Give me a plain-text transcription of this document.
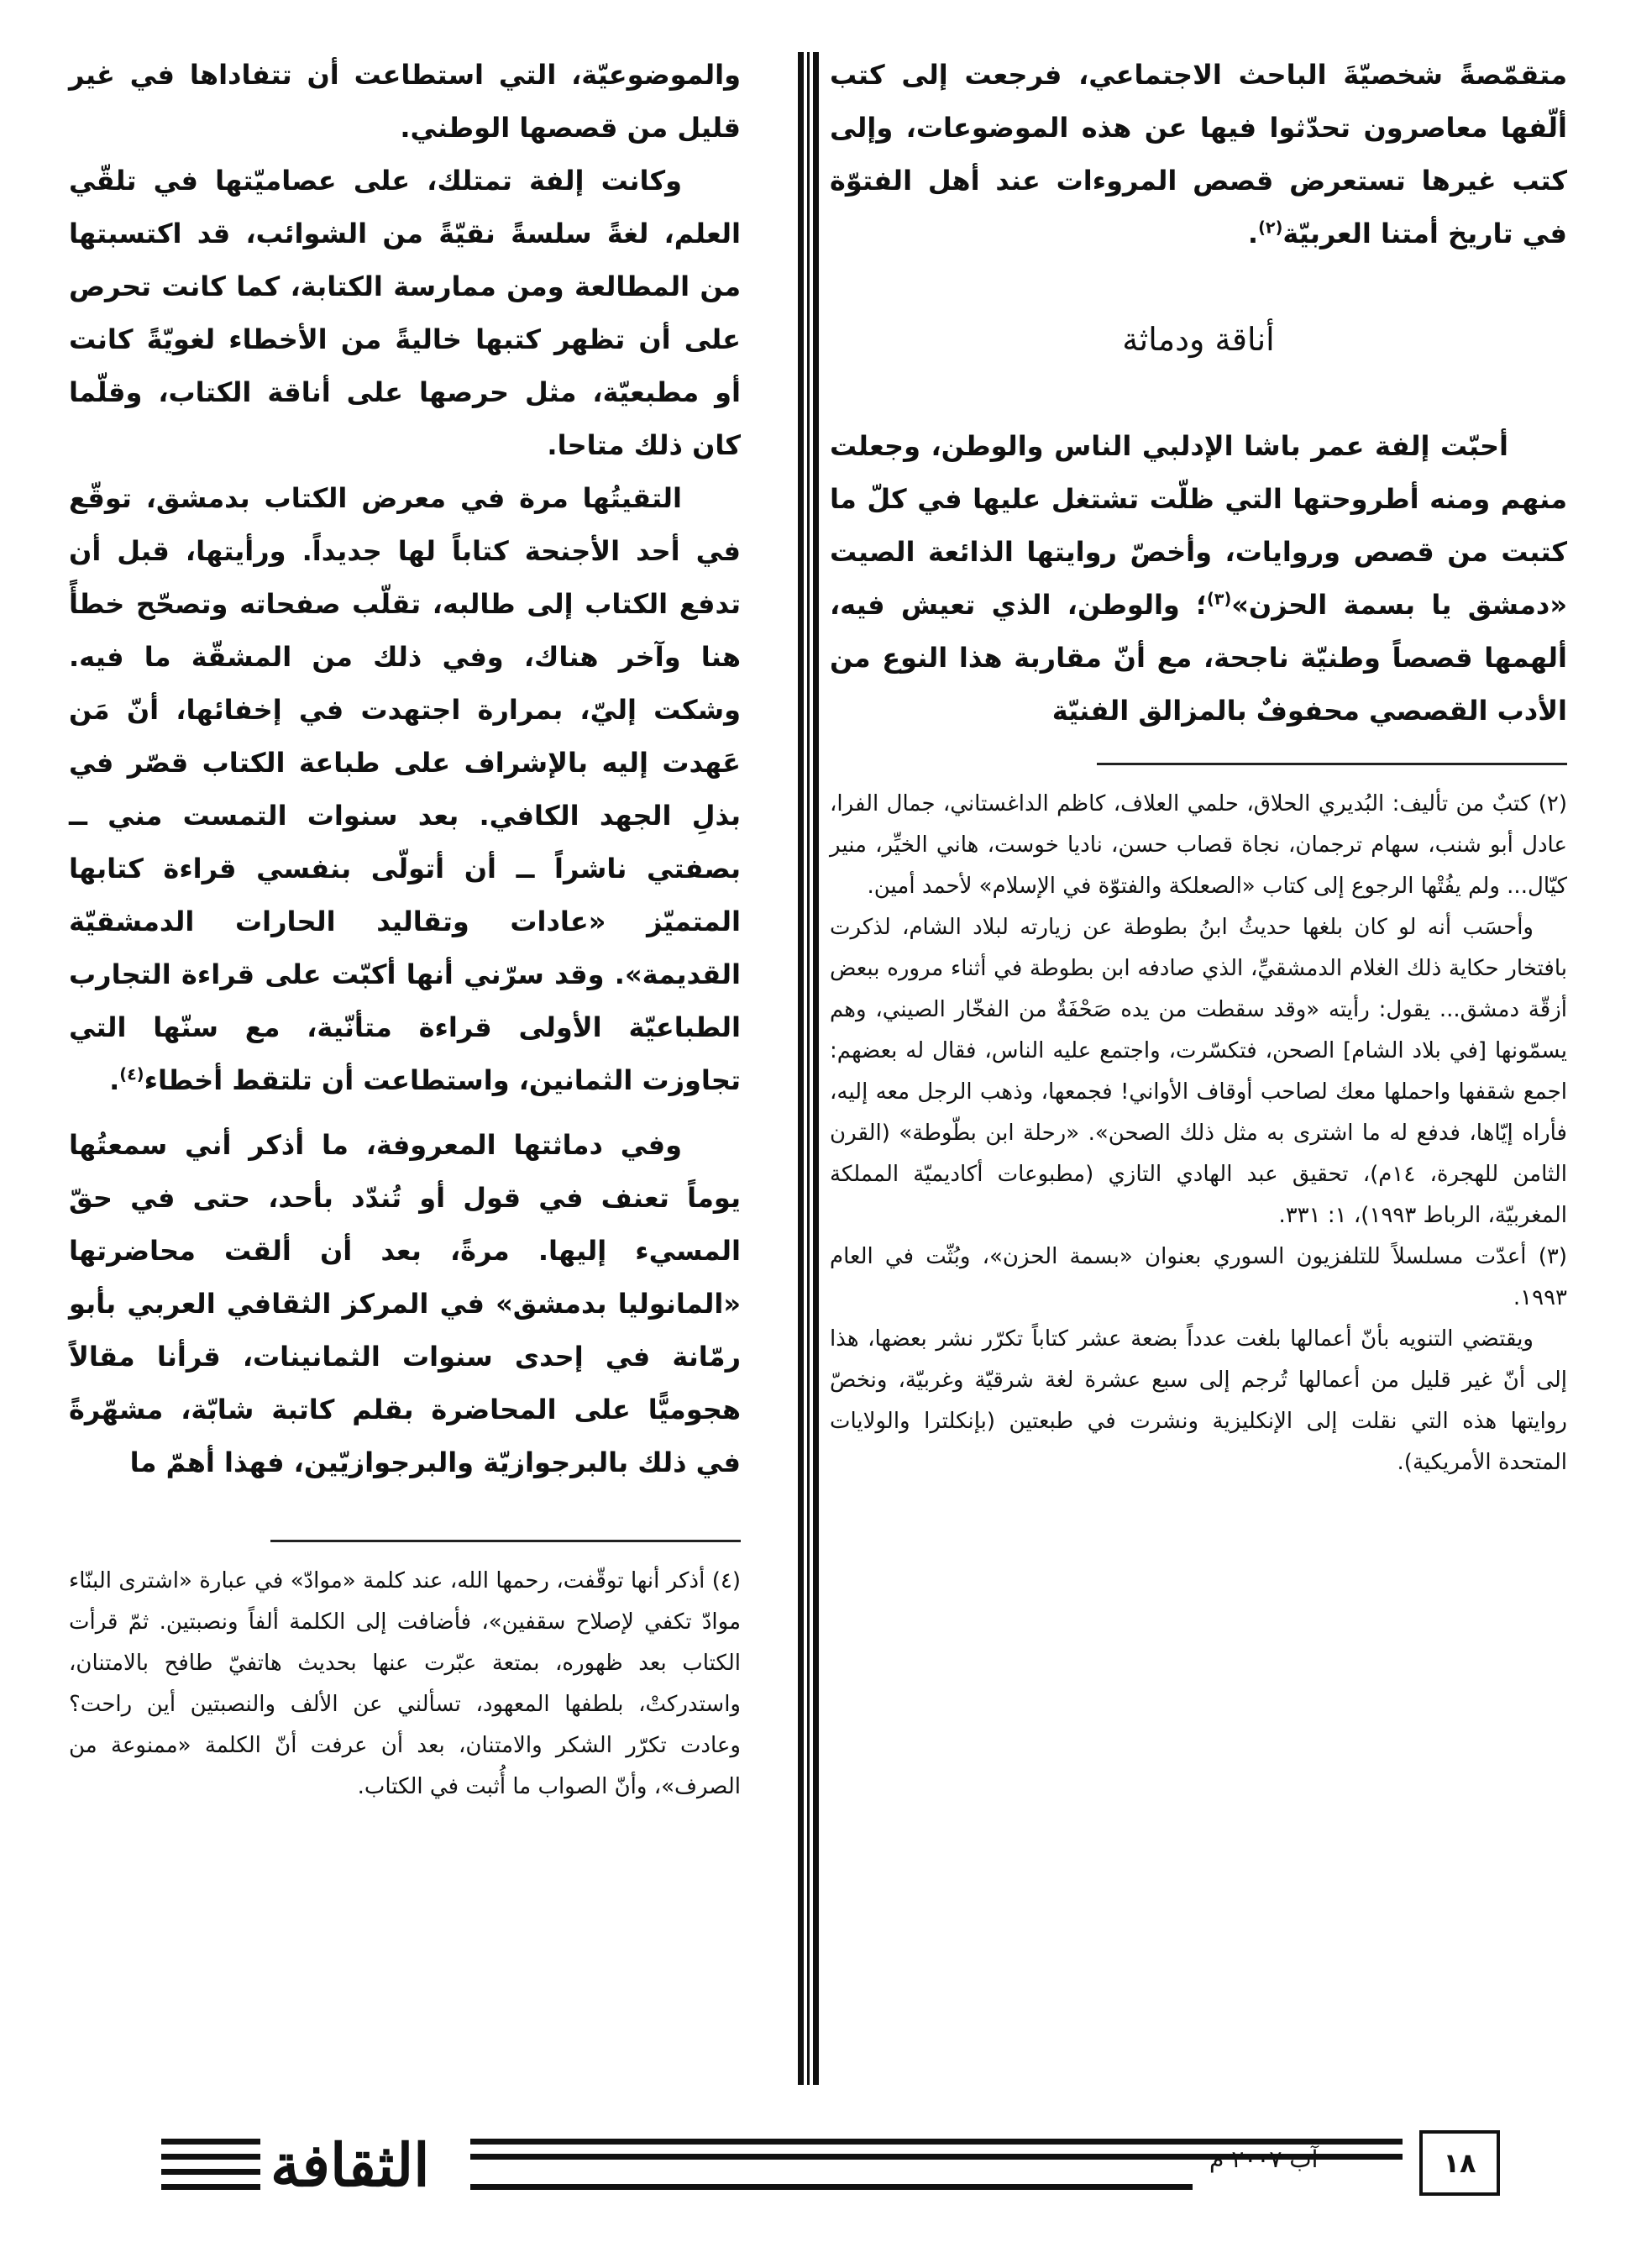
متقمّصةً شخصيّةَ الباحث الاجتماعي، فرجعت إلى كتب ألّفها معاصرون تحدّثوا فيها عن هذه الموضوعات، وإلى كتب غيرها تستعرض قصص المروءات عند أهل الفتوّة في تاريخ أمتنا العربيّة$^{(٢)}$.

أناقة ودماثة

أحبّت إلفة عمر باشا الإدلبي الناس والوطن، وجعلت منهم ومنه أطروحتها التي ظلّت تشتغل عليها في كلّ ما كتبت من قصص وروايات، وأخصّ روايتها الذائعة الصيت «دمشق يا بسمة الحزن»$^{(٣)}$؛ والوطن، الذي تعيش فيه، ألهمها قصصاً وطنيّة ناجحة، مع أنّ مقاربة هذا النوع من الأدب القصصي محفوفٌ بالمزالق الفنيّة

(٢) كتبٌ من تأليف: البُديري الحلاق، حلمي العلاف، كاظم الداغستاني، جمال الفرا، عادل أبو شنب، سهام ترجمان، نجاة قصاب حسن، ناديا خوست، هاني الخيِّر، منير كيّال... ولم يفُتْها الرجوع إلى كتاب «الصعلكة والفتوّة في الإسلام» لأحمد أمين.

وأحسَب أنه لو كان بلغها حديثُ ابنُ بطوطة عن زيارته لبلاد الشام، لذكرت بافتخار حكاية ذلك الغلام الدمشقيِّ، الذي صادفه ابن بطوطة في أثناء مروره ببعض أزقّة دمشق... يقول: رأيته «وقد سقطت من يده صَحْفَةٌ من الفخّار الصيني، وهم يسمّونها [في بلاد الشام] الصحن، فتكسّرت، واجتمع عليه الناس، فقال له بعضهم: اجمع شقفها واحملها معك لصاحب أوقاف الأواني! فجمعها، وذهب الرجل معه إليه، فأراه إيّاها، فدفع له ما اشترى به مثل ذلك الصحن». «رحلة ابن بطّوطة» (القرن الثامن للهجرة، ١٤م)، تحقيق عبد الهادي التازي (مطبوعات أكاديميّة المملكة المغربيّة، الرباط ١٩٩٣)، ١: ٣٣١.

(٣) أعدّت مسلسلاً للتلفزيون السوري بعنوان «بسمة الحزن»، وبُثّت في العام ١٩٩٣.

ويقتضي التنويه بأنّ أعمالها بلغت عدداً بضعة عشر كتاباً تكرّر نشر بعضها، هذا إلى أنّ غير قليل من أعمالها تُرجم إلى سبع عشرة لغة شرقيّة وغربيّة، ونخصّ روايتها هذه التي نقلت إلى الإنكليزية ونشرت في طبعتين (بإنكلترا والولايات المتحدة الأمريكية).

والموضوعيّة، التي استطاعت أن تتفاداها في غير قليل من قصصها الوطني.

وكانت إلفة تمتلك، على عصاميّتها في تلقّي العلم، لغةً سلسةً نقيّةً من الشوائب، قد اكتسبتها من المطالعة ومن ممارسة الكتابة، كما كانت تحرص على أن تظهر كتبها خاليةً من الأخطاء لغويّةً كانت أو مطبعيّة، مثل حرصها على أناقة الكتاب، وقلّما كان ذلك متاحا.

التقيتُها مرة في معرض الكتاب بدمشق، توقّع في أحد الأجنحة كتاباً لها جديداً. ورأيتها، قبل أن تدفع الكتاب إلى طالبه، تقلّب صفحاته وتصحّح خطأً هنا وآخر هناك، وفي ذلك من المشقّة ما فيه. وشكت إليّ، بمرارة اجتهدت في إخفائها، أنّ مَن عَهدت إليه بالإشراف على طباعة الكتاب قصّر في بذلِ الجهد الكافي. بعد سنوات التمست مني ــ بصفتي ناشراً ــ أن أتولّى بنفسي قراءة كتابها المتميّز «عادات وتقاليد الحارات الدمشقيّة القديمة». وقد سرّني أنها أكبّت على قراءة التجارب الطباعيّة الأولى قراءة متأنّية، مع سنّها التي تجاوزت الثمانين، واستطاعت أن تلتقط أخطاء$^{(٤)}$.

وفي دماثتها المعروفة، ما أذكر أني سمعتُها يوماً تعنف في قول أو تُندّد بأحد، حتى في حقّ المسيء إليها. مرةً، بعد أن ألقت محاضرتها «المانوليا بدمشق» في المركز الثقافي العربي بأبو رمّانة في إحدى سنوات الثمانينات، قرأنا مقالاً هجوميًّا على المحاضرة بقلم كاتبة شابّة، مشهّرةً في ذلك بالبرجوازيّة والبرجوازيّين، فهذا أهمّ ما

(٤) أذكر أنها توقّفت، رحمها الله، عند كلمة «موادّ» في عبارة «اشترى البنّاء موادّ تكفي لإصلاح سقفين»، فأضافت إلى الكلمة ألفاً ونصبتين. ثمّ قرأت الكتاب بعد ظهوره، بمتعة عبّرت عنها بحديث هاتفيّ طافح بالامتنان، واستدركتْ، بلطفها المعهود، تسألني عن الألف والنصبتين أين راحت؟ وعادت تكرّر الشكر والامتنان، بعد أن عرفت أنّ الكلمة «ممنوعة من الصرف»، وأنّ الصواب ما أُثبت في الكتاب.

الثقافة	آب ٢٠٠٧ م	١٨
